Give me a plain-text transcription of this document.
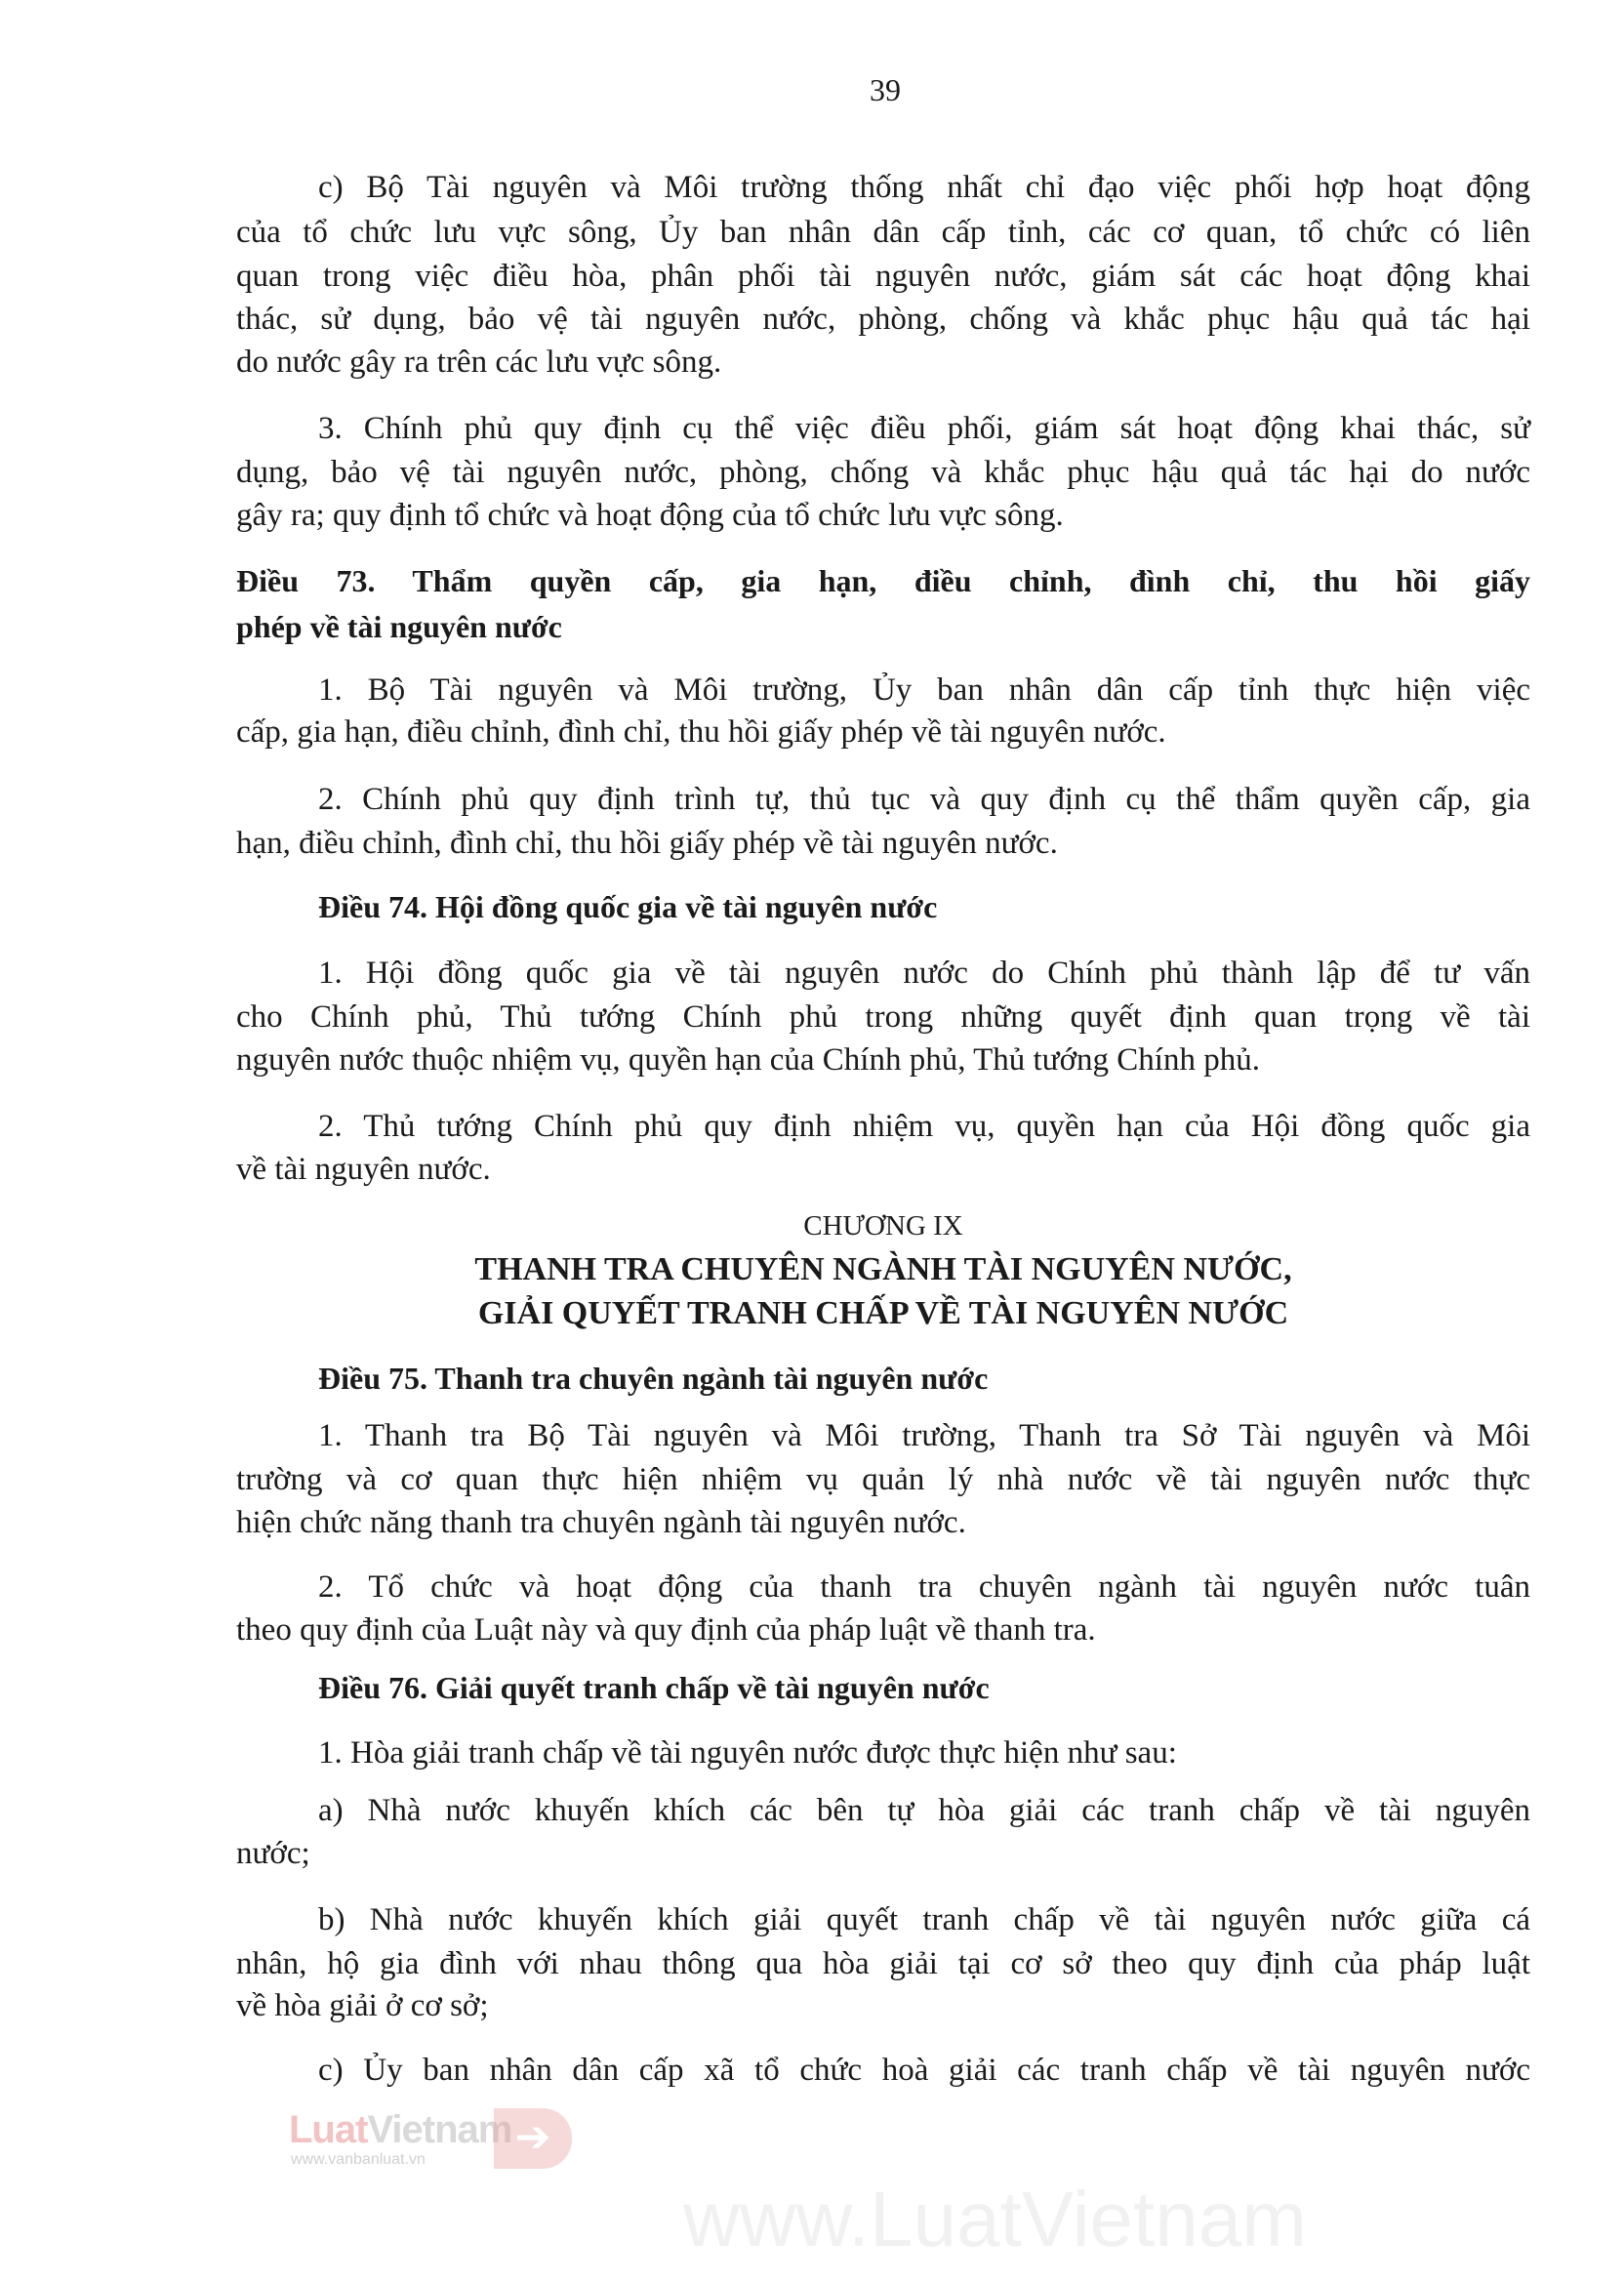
39
c) Bộ Tài nguyên và Môi trường thống nhất chỉ đạo việc phối hợp hoạt động
của tổ chức lưu vực sông, Ủy ban nhân dân cấp tỉnh, các cơ quan, tổ chức có liên
quan trong việc điều hòa, phân phối tài nguyên nước, giám sát các hoạt động khai
thác, sử dụng, bảo vệ tài nguyên nước, phòng, chống và khắc phục hậu quả tác hại
do nước gây ra trên các lưu vực sông.
3. Chính phủ quy định cụ thể việc điều phối, giám sát hoạt động khai thác, sử
dụng, bảo vệ tài nguyên nước, phòng, chống và khắc phục hậu quả tác hại do nước
gây ra; quy định tổ chức và hoạt động của tổ chức lưu vực sông.
Điều 73. Thẩm quyền cấp, gia hạn, điều chỉnh, đình chỉ, thu hồi giấy
phép về tài nguyên nước
1. Bộ Tài nguyên và Môi trường, Ủy ban nhân dân cấp tỉnh thực hiện việc
cấp, gia hạn, điều chỉnh, đình chỉ, thu hồi giấy phép về tài nguyên nước.
2. Chính phủ quy định trình tự, thủ tục và quy định cụ thể thẩm quyền cấp, gia
hạn, điều chỉnh, đình chỉ, thu hồi giấy phép về tài nguyên nước.
Điều 74. Hội đồng quốc gia về tài nguyên nước
1. Hội đồng quốc gia về tài nguyên nước do Chính phủ thành lập để tư vấn
cho Chính phủ, Thủ tướng Chính phủ trong những quyết định quan trọng về tài
nguyên nước thuộc nhiệm vụ, quyền hạn của Chính phủ, Thủ tướng Chính phủ.
2. Thủ tướng Chính phủ quy định nhiệm vụ, quyền hạn của Hội đồng quốc gia
về tài nguyên nước.
CHƯƠNG IX
THANH TRA CHUYÊN NGÀNH TÀI NGUYÊN NƯỚC,
GIẢI QUYẾT TRANH CHẤP VỀ TÀI NGUYÊN NƯỚC
Điều 75. Thanh tra chuyên ngành tài nguyên nước
1. Thanh tra Bộ Tài nguyên và Môi trường, Thanh tra Sở Tài nguyên và Môi
trường và cơ quan thực hiện nhiệm vụ quản lý nhà nước về tài nguyên nước thực
hiện chức năng thanh tra chuyên ngành tài nguyên nước.
2. Tổ chức và hoạt động của thanh tra chuyên ngành tài nguyên nước tuân
theo quy định của Luật này và quy định của pháp luật về thanh tra.
Điều 76. Giải quyết tranh chấp về tài nguyên nước
1. Hòa giải tranh chấp về tài nguyên nước được thực hiện như sau:
a) Nhà nước khuyến khích các bên tự hòa giải các tranh chấp về tài nguyên
nước;
b) Nhà nước khuyến khích giải quyết tranh chấp về tài nguyên nước giữa cá
nhân, hộ gia đình với nhau thông qua hòa giải tại cơ sở theo quy định của pháp luật
về hòa giải ở cơ sở;
c) Ủy ban nhân dân cấp xã tổ chức hoà giải các tranh chấp về tài nguyên nước
LuatVietnam
www.vanbanluat.vn	➔
www.LuatVietnam
